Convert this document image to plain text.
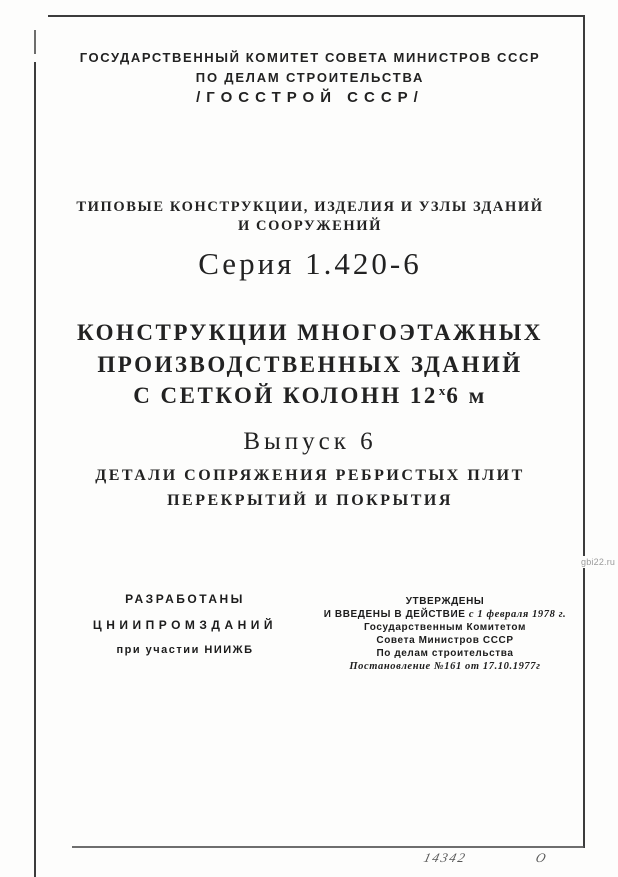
ГОСУДАРСТВЕННЫЙ КОМИТЕТ СОВЕТА МИНИСТРОВ СССР
ПО ДЕЛАМ СТРОИТЕЛЬСТВА
/ГОССТРОЙ СССР/
ТИПОВЫЕ КОНСТРУКЦИИ, ИЗДЕЛИЯ И УЗЛЫ ЗДАНИЙ
И СООРУЖЕНИЙ
Серия 1.420-6
КОНСТРУКЦИИ МНОГОЭТАЖНЫХ
ПРОИЗВОДСТВЕННЫХ ЗДАНИЙ
С СЕТКОЙ КОЛОНН $12^х6$ м
Выпуск 6
ДЕТАЛИ СОПРЯЖЕНИЯ РЕБРИСТЫХ ПЛИТ
ПЕРЕКРЫТИЙ И ПОКРЫТИЯ

РАЗРАБОТАНЫ

ЦНИИПРОМЗДАНИЙ

при участии НИИЖБ

УТВЕРЖДЕНЫ
И ВВЕДЕНЫ В ДЕЙСТВИЕ с 1 февраля 1978 г.
Государственным Комитетом
Совета Министров СССР
По делам строительства
Постановление №161 от 17.10.1977г
gbi22.ru
14342	О
